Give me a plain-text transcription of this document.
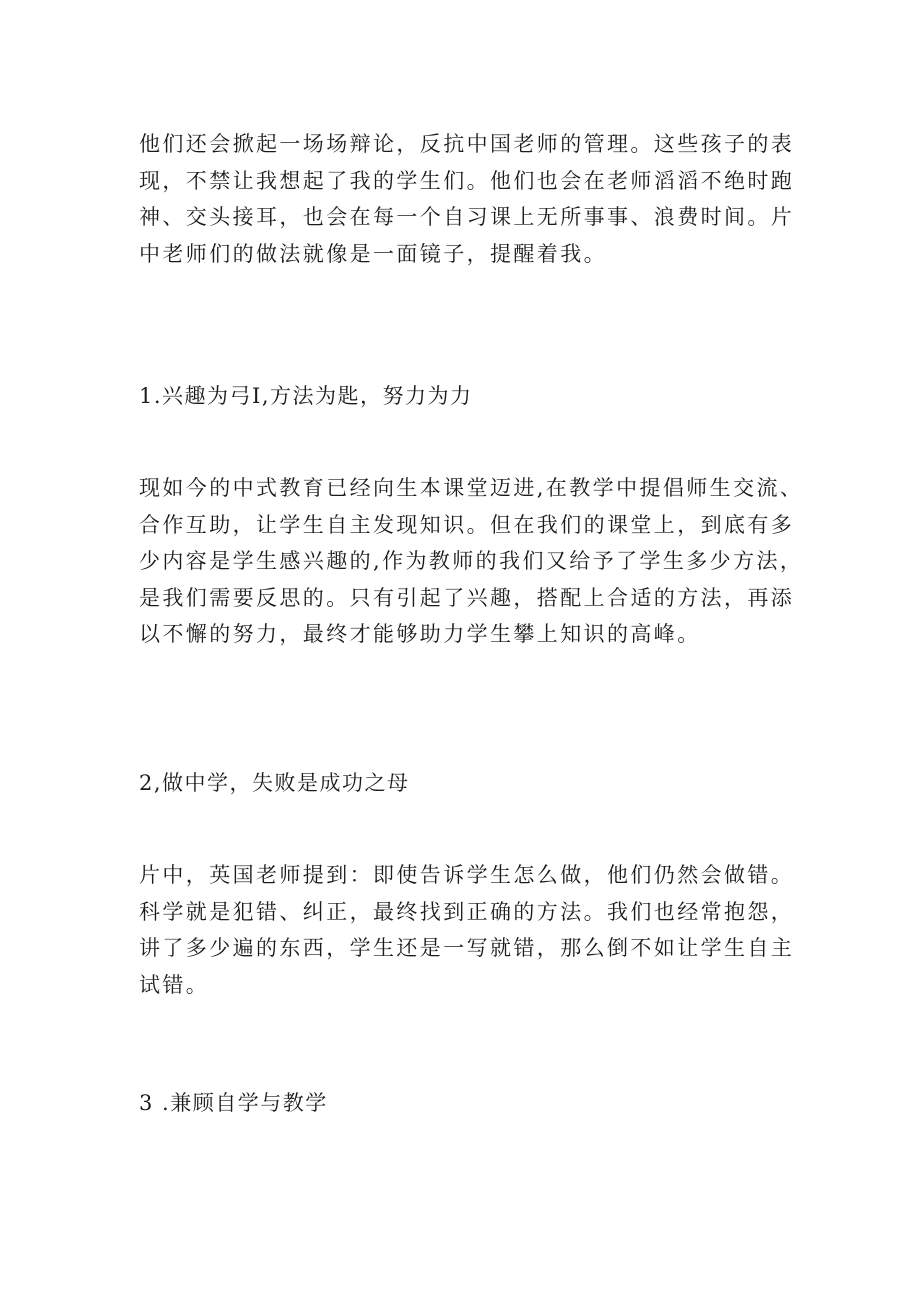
他们还会掀起一场场辩论，反抗中国老师的管理。这些孩子的表
现，不禁让我想起了我的学生们。他们也会在老师滔滔不绝时跑
神、交头接耳，也会在每一个自习课上无所事事、浪费时间。片
中老师们的做法就像是一面镜子，提醒着我。
1.兴趣为弓I,方法为匙，努力为力
现如今的中式教育已经向生本课堂迈进,在教学中提倡师生交流、
合作互助，让学生自主发现知识。但在我们的课堂上，到底有多
少内容是学生感兴趣的,作为教师的我们又给予了学生多少方法，
是我们需要反思的。只有引起了兴趣，搭配上合适的方法，再添
以不懈的努力，最终才能够助力学生攀上知识的高峰。
2,做中学，失败是成功之母
片中，英国老师提到：即使告诉学生怎么做，他们仍然会做错。
科学就是犯错、纠正，最终找到正确的方法。我们也经常抱怨，
讲了多少遍的东西，学生还是一写就错，那么倒不如让学生自主
试错。
3 .兼顾自学与教学
